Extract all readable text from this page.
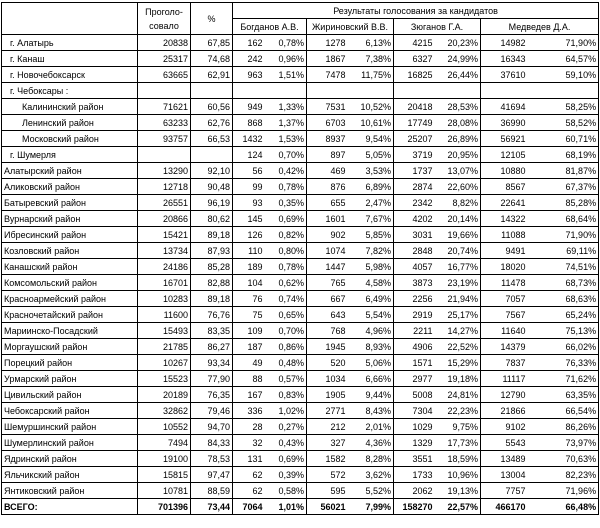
	Проголо-
совало	%	Результаты голосования за кандидатов							
			Богданов А.В.		Жириновский В.В.		Зюганов Г.А.		Медведев Д.А.	
г. Алатырь	20838	67,85	162	0,78%	1278	6,13%	4215	20,23%	14982	71,90%
г. Канаш	25317	74,68	242	0,96%	1867	7,38%	6327	24,99%	16343	64,57%
г. Новочебоксарск	63665	62,91	963	1,51%	7478	11,75%	16825	26,44%	37610	59,10%
г. Чебоксары :										
Калининский район	71621	60,56	949	1,33%	7531	10,52%	20418	28,53%	41694	58,25%
Ленинский район	63233	62,76	868	1,37%	6703	10,61%	17749	28,08%	36990	58,52%
Московский район	93757	66,53	1432	1,53%	8937	9,54%	25207	26,89%	56921	60,71%
г. Шумерля			124	0,70%	897	5,05%	3719	20,95%	12105	68,19%
Алатырский район	13290	92,10	56	0,42%	469	3,53%	1737	13,07%	10880	81,87%
Аликовский район	12718	90,48	99	0,78%	876	6,89%	2874	22,60%	8567	67,37%
Батыревский район	26551	96,19	93	0,35%	655	2,47%	2342	8,82%	22641	85,28%
Вурнарский район	20866	80,62	145	0,69%	1601	7,67%	4202	20,14%	14322	68,64%
Ибресинский район	15421	89,18	126	0,82%	902	5,85%	3031	19,66%	11088	71,90%
Козловский район	13734	87,93	110	0,80%	1074	7,82%	2848	20,74%	9491	69,11%
Канашский район	24186	85,28	189	0,78%	1447	5,98%	4057	16,77%	18020	74,51%
Комсомольский район	16701	82,88	104	0,62%	765	4,58%	3873	23,19%	11478	68,73%
Красноармейский район	10283	89,18	76	0,74%	667	6,49%	2256	21,94%	7057	68,63%
Красночетайский район	11600	76,76	75	0,65%	643	5,54%	2919	25,17%	7567	65,24%
Мариинско-Посадский	15493	83,35	109	0,70%	768	4,96%	2211	14,27%	11640	75,13%
Моргаушский район	21785	86,27	187	0,86%	1945	8,93%	4906	22,52%	14379	66,02%
Порецкий район	10267	93,34	49	0,48%	520	5,06%	1571	15,29%	7837	76,33%
Урмарский район	15523	77,90	88	0,57%	1034	6,66%	2977	19,18%	11117	71,62%
Цивильский район	20189	76,35	167	0,83%	1905	9,44%	5008	24,81%	12790	63,35%
Чебоксарский район	32862	79,46	336	1,02%	2771	8,43%	7304	22,23%	21866	66,54%
Шемуршинский район	10552	94,70	28	0,27%	212	2,01%	1029	9,75%	9102	86,26%
Шумерлинский район	7494	84,33	32	0,43%	327	4,36%	1329	17,73%	5543	73,97%
Ядринский район	19100	78,53	131	0,69%	1582	8,28%	3551	18,59%	13489	70,63%
Яльчикский район	15815	97,47	62	0,39%	572	3,62%	1733	10,96%	13004	82,23%
Янтиковский район	10781	88,59	62	0,58%	595	5,52%	2062	19,13%	7757	71,96%
ВСЕГО:	701396	73,44	7064	1,01%	56021	7,99%	158270	22,57%	466170	66,48%
